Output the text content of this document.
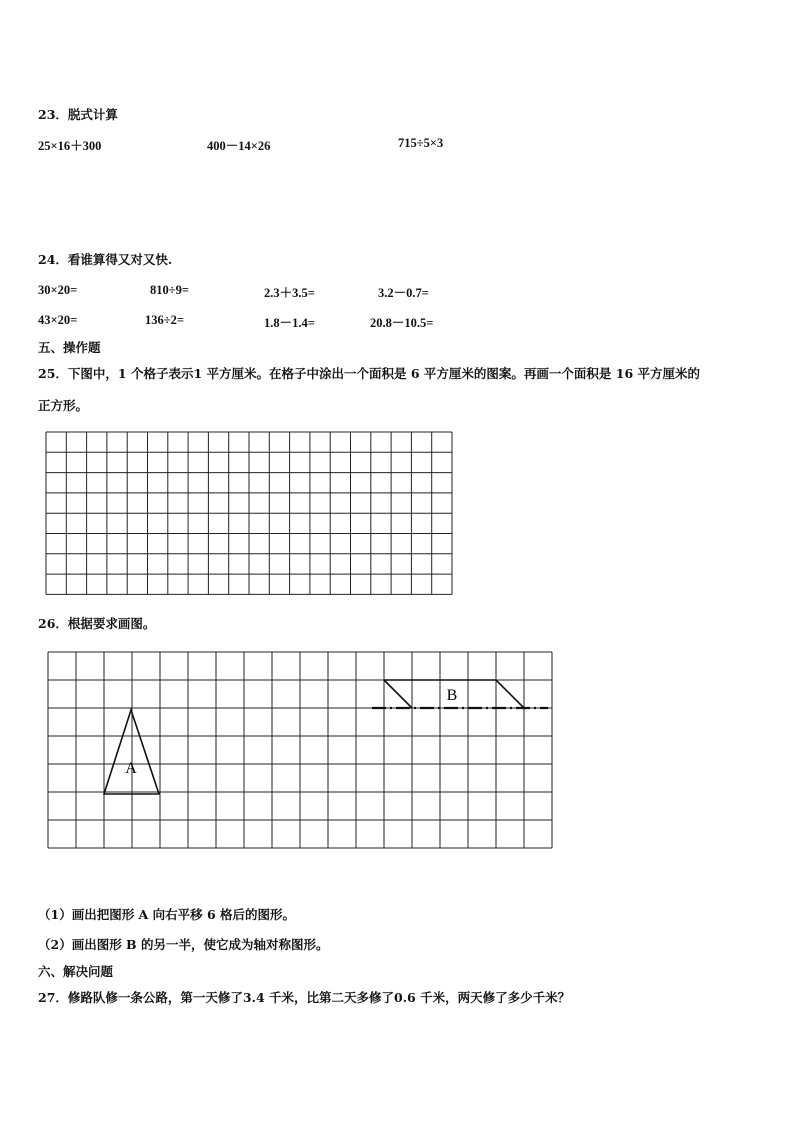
23．脱式计算
25×16＋300	400－14×26	715÷5×3
24．看谁算得又对又快.
30×20=	810÷9=	2.3＋3.5=	3.2－0.7=
43×20=	136÷2=	1.8－1.4=	20.8－10.5=
五、操作题
25．下图中，1 个格子表示1 平方厘米。在格子中涂出一个面积是 6 平方厘米的图案。再画一个面积是 16 平方厘米的
正方形。
26．根据要求画图。
A
B
（1）画出把图形 A 向右平移 6 格后的图形。
（2）画出图形 B 的另一半，使它成为轴对称图形。
六、解决问题
27．修路队修一条公路，第一天修了3.4 千米，比第二天多修了0.6 千米，两天修了多少千米？
